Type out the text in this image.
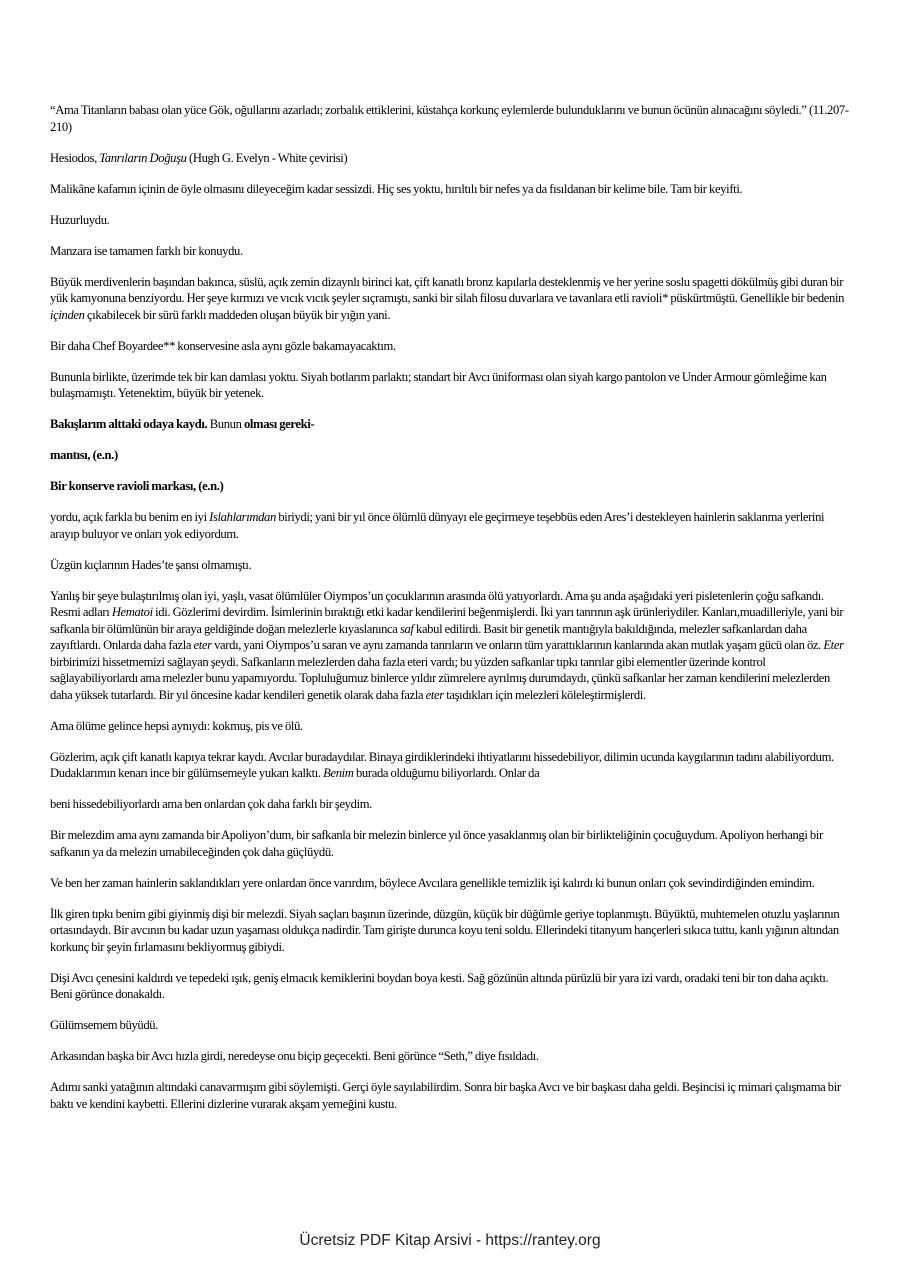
“Ama Titanların babası olan yüce Gök, oğullarını azarladı; zorbalık ettiklerini, küstahça korkunç eylemlerde bulunduklarını ve bunun öcünün alınacağını söyledi.” (11.207-210)

Hesiodos, Tanrıların Doğuşu (Hugh G. Evelyn - White çevirisi)

Malikâne kafamın içinin de öyle olmasını dileyeceğim kadar sessizdi. Hiç ses yoktu, hırıltılı bir nefes ya da fısıldanan bir kelime bile. Tam bir keyifti.

Huzurluydu.

Manzara ise tamamen farklı bir konuydu.

Büyük merdivenlerin başından bakınca, süslü, açık zemin dizaynlı birinci kat, çift kanatlı bronz kapılarla desteklenmiş ve her yerine soslu spagetti dökülmüş gibi duran bir yük kamyonuna benziyordu. Her şeye kırmızı ve vıcık vıcık şeyler sıçramıştı, sanki bir silah filosu duvarlara ve tavanlara etli ravioli* püskürtmüştü. Genellikle bir bedenin içinden çıkabilecek bir sürü farklı maddeden oluşan büyük bir yığın yani.

Bir daha Chef Boyardee** konservesine asla aynı gözle bakamayacaktım.

Bununla birlikte, üzerimde tek bir kan damlası yoktu. Siyah botlarım parlaktı; standart bir Avcı üniforması olan siyah kargo pantolon ve Under Armour gömleğime kan bulaşmamıştı. Yetenektim, büyük bir yetenek.

Bakışlarım alttaki odaya kaydı. Bunun olması gereki-

mantısı, (e.n.)

Bir konserve ravioli markası, (e.n.)

yordu, açık farkla bu benim en iyi Islahlarımdan biriydi; yani bir yıl önce ölümlü dünyayı ele geçirmeye teşebbüs eden Ares’i destekleyen hainlerin saklanma yerlerini arayıp buluyor ve onları yok ediyordum.

Üzgün kıçlarının Hades’te şansı olmamıştı.

Yanlış bir şeye bulaştırılmış olan iyi, yaşlı, vasat ölümlüler Oiympos’un çocuklarının arasında ölü yatıyorlardı. Ama şu anda aşağıdaki yeri pisletenlerin çoğu safkandı. Resmi adları Hematoi idi. Gözlerimi devirdim. İsimlerinin bıraktığı etki kadar kendilerini beğenmişlerdi. İki yarı tanrının aşk ürünleriydiler. Kanları,muadilleriyle, yani bir safkanla bir ölümlünün bir araya geldiğinde doğan melezlerle kıyaslanınca saf kabul edilirdi. Basit bir genetik mantığıyla bakıldığında, melezler safkanlardan daha zayıftlardı. Onlarda daha fazla eter vardı, yani Oiympos’u saran ve aynı zamanda tanrıların ve onların tüm yarattıklarının kanlarında akan mutlak yaşam gücü olan öz. Eter birbirimizi hissetmemizi sağlayan şeydi. Safkanların melezlerden daha fazla eteri vardı; bu yüzden safkanlar tıpkı tanrılar gibi elementler üzerinde kontrol sağlayabiliyorlardı ama melezler bunu yapamıyordu. Topluluğumuz binlerce yıldır zümrelere ayrılmış durumdaydı, çünkü safkanlar her zaman kendilerini melezlerden daha yüksek tutarlardı. Bir yıl öncesine kadar kendileri genetik olarak daha fazla eter taşıdıkları için melezleri köleleştirmişlerdi.

Ama ölüme gelince hepsi aynıydı: kokmuş, pis ve ölü.

Gözlerim, açık çift kanatlı kapıya tekrar kaydı. Avcılar buradaydılar. Binaya girdiklerindeki ihtiyatlarını hissedebiliyor, dilimin ucunda kaygılarının tadını alabiliyordum. Dudaklarımın kenarı ince bir gülümsemeyle yukarı kalktı. Benim burada olduğumu biliyorlardı. Onlar da

beni hissedebiliyorlardı ama ben onlardan çok daha farklı bir şeydim.

Bir melezdim ama aynı zamanda bir Apoliyon’dum, bir safkanla bir melezin binlerce yıl önce yasaklanmış olan bir birlikteliğinin çocuğuydum. Apoliyon herhangi bir safkanın ya da melezin umabileceğinden çok daha güçlüydü.

Ve ben her zaman hainlerin saklandıkları yere onlardan önce varırdım, böylece Avcılara genellikle temizlik işi kalırdı ki bunun onları çok sevindirdiğinden emindim.

İlk giren tıpkı benim gibi giyinmiş dişi bir melezdi. Siyah saçları başının üzerinde, düzgün, küçük bir düğümle geriye toplanmıştı. Büyüktü, muhtemelen otuzlu yaşlarının ortasındaydı. Bir avcının bu kadar uzun yaşaması oldukça nadirdir. Tam girişte durunca koyu teni soldu. Ellerindeki titanyum hançerleri sıkıca tuttu, kanlı yığının altından korkunç bir şeyin fırlamasını bekliyormuş gibiydi.

Dişi Avcı çenesini kaldırdı ve tepedeki ışık, geniş elmacık kemiklerini boydan boya kesti. Sağ gözünün altında pürüzlü bir yara izi vardı, oradaki teni bir ton daha açıktı. Beni görünce donakaldı.

Gülümsemem büyüdü.

Arkasından başka bir Avcı hızla girdi, neredeyse onu biçip geçecekti. Beni görünce “Seth,” diye fısıldadı.

Adımı sanki yatağının altındaki canavarmışım gibi söylemişti. Gerçi öyle sayılabilirdim. Sonra bir başka Avcı ve bir başkası daha geldi. Beşincisi iç mimari çalışmama bir baktı ve kendini kaybetti. Ellerini dizlerine vurarak akşam yemeğini kustu.

Ücretsiz PDF Kitap Arsivi - https://rantey.org
